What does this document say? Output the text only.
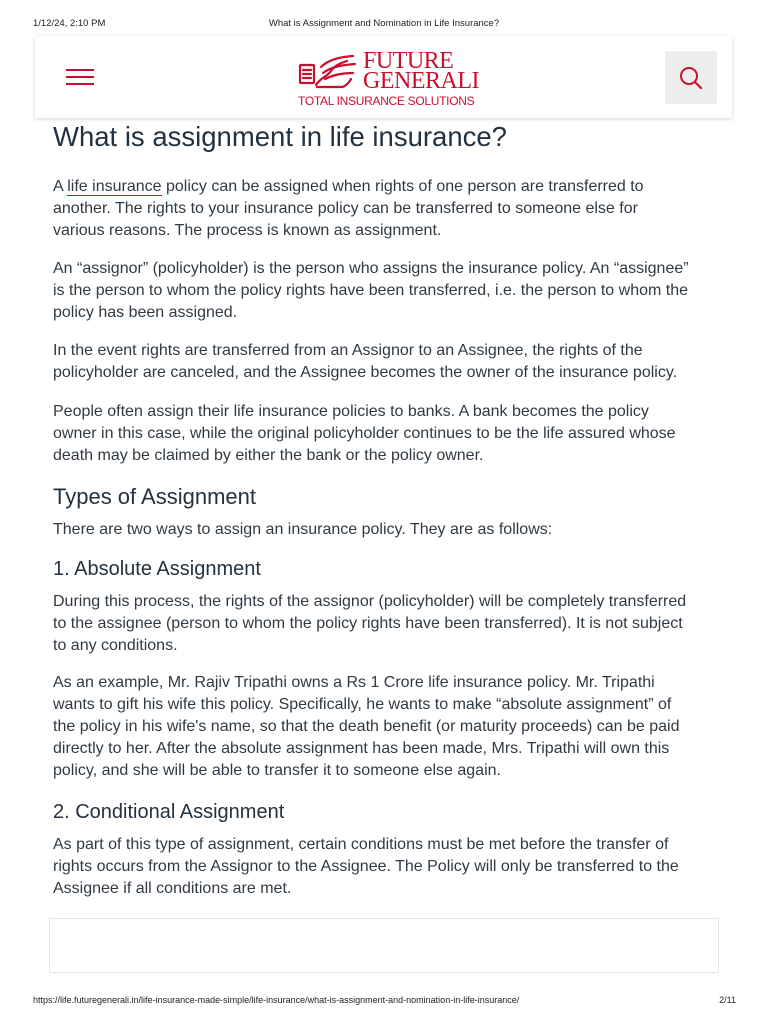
1/12/24, 2:10 PM	What is Assignment and Nomination in Life Insurance?
FUTURE
GENERALI
TOTAL INSURANCE SOLUTIONS
What is assignment in life insurance?

A life insurance policy can be assigned when rights of one person are transferred to
another. The rights to your insurance policy can be transferred to someone else for
various reasons. The process is known as assignment.

An “assignor” (policyholder) is the person who assigns the insurance policy. An “assignee”
is the person to whom the policy rights have been transferred, i.e. the person to whom the
policy has been assigned.

In the event rights are transferred from an Assignor to an Assignee, the rights of the
policyholder are canceled, and the Assignee becomes the owner of the insurance policy.

People often assign their life insurance policies to banks. A bank becomes the policy
owner in this case, while the original policyholder continues to be the life assured whose
death may be claimed by either the bank or the policy owner.

Types of Assignment

There are two ways to assign an insurance policy. They are as follows:

1. Absolute Assignment

During this process, the rights of the assignor (policyholder) will be completely transferred
to the assignee (person to whom the policy rights have been transferred). It is not subject
to any conditions.

As an example, Mr. Rajiv Tripathi owns a Rs 1 Crore life insurance policy. Mr. Tripathi
wants to gift his wife this policy. Specifically, he wants to make “absolute assignment” of
the policy in his wife's name, so that the death benefit (or maturity proceeds) can be paid
directly to her. After the absolute assignment has been made, Mrs. Tripathi will own this
policy, and she will be able to transfer it to someone else again.

2. Conditional Assignment

As part of this type of assignment, certain conditions must be met before the transfer of
rights occurs from the Assignor to the Assignee. The Policy will only be transferred to the
Assignee if all conditions are met.

https://life.futuregenerali.in/life-insurance-made-simple/life-insurance/what-is-assignment-and-nomination-in-life-insurance/	2/11
